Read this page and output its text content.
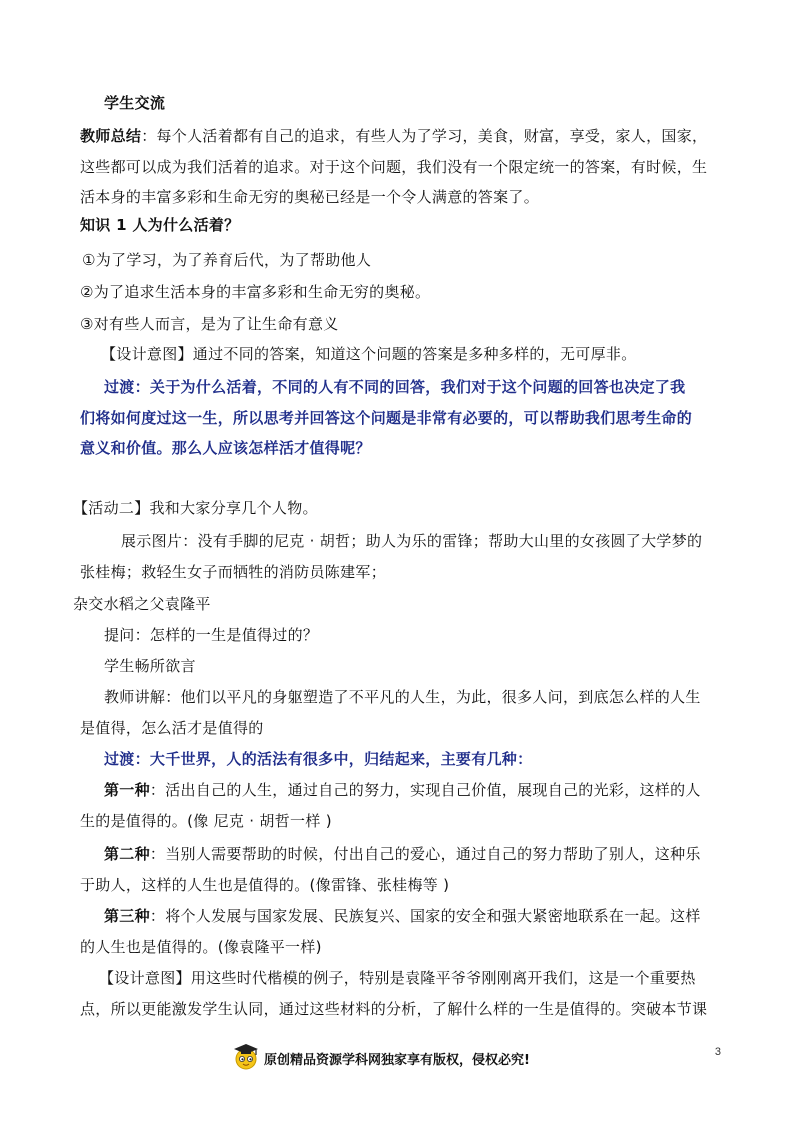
学生交流
教师总结：每个人活着都有自己的追求，有些人为了学习，美食，财富，享受，家人，国家，
这些都可以成为我们活着的追求。对于这个问题，我们没有一个限定统一的答案，有时候，生
活本身的丰富多彩和生命无穷的奥秘已经是一个令人满意的答案了。
知识 1 人为什么活着？
①为了学习，为了养育后代，为了帮助他人
②为了追求生活本身的丰富多彩和生命无穷的奥秘。
③对有些人而言，是为了让生命有意义
【设计意图】通过不同的答案，知道这个问题的答案是多种多样的，无可厚非。
过渡：关于为什么活着，不同的人有不同的回答，我们对于这个问题的回答也决定了我
们将如何度过这一生，所以思考并回答这个问题是非常有必要的，可以帮助我们思考生命的
意义和价值。那么人应该怎样活才值得呢？
【活动二】我和大家分享几个人物。
展示图片：没有手脚的尼克 · 胡哲；助人为乐的雷锋；帮助大山里的女孩圆了大学梦的
张桂梅；救轻生女子而牺牲的消防员陈建军；
杂交水稻之父袁隆平
提问：怎样的一生是值得过的？
学生畅所欲言
教师讲解：他们以平凡的身躯塑造了不平凡的人生，为此，很多人问，到底怎么样的人生
是值得，怎么活才是值得的
过渡：大千世界，人的活法有很多中，归结起来，主要有几种：
第一种：活出自己的人生，通过自己的努力，实现自己价值，展现自己的光彩，这样的人
生的是值得的。(像 尼克 · 胡哲一样 )
第二种：当别人需要帮助的时候，付出自己的爱心，通过自己的努力帮助了别人，这种乐
于助人，这样的人生也是值得的。(像雷锋、张桂梅等 )
第三种：将个人发展与国家发展、民族复兴、国家的安全和强大紧密地联系在一起。这样
的人生也是值得的。(像袁隆平一样)
【设计意图】用这些时代楷模的例子，特别是袁隆平爷爷刚刚离开我们，这是一个重要热
点，所以更能激发学生认同，通过这些材料的分析，了解什么样的一生是值得的。突破本节课
3
原创精品资源学科网独家享有版权，侵权必究!
